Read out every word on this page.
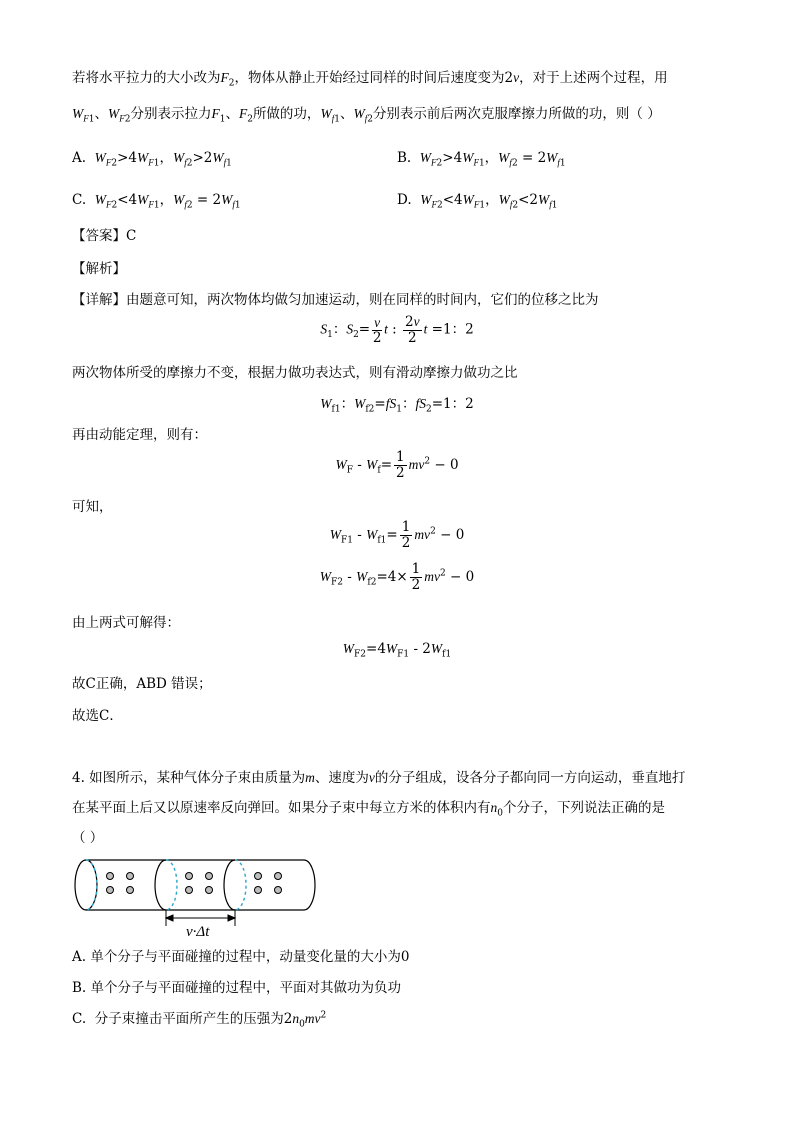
若将水平拉力的大小改为$F_2$，物体从静止开始经过同样的时间后速度变为2v，对于上述两个过程，用
$W_{F1}$、$W_{F2}$分别表示拉力$F_1$、$F_2$所做的功，$W_{f1}$、$W_{f2}$分别表示前后两次克服摩擦力所做的功，则（ ）
A.  $W_{F2}>4W_{F1}$，$W_{f2}>2W_{f1}$	B.  $W_{F2}>4W_{F1}$，$W_{f2} = 2W_{f1}$
C.  $W_{F2}<4W_{F1}$，$W_{f2} = 2W_{f1}$	D.  $W_{F2}<4W_{F1}$，$W_{f2}<2W_{f1}$
【答案】C
【解析】
【详解】由题意可知，两次物体均做匀加速运动，则在同样的时间内，它们的位移之比为
$S_1$：$S_2= \frac{v}{2}$ t : $\frac{2v}{2}$ t =1：2
两次物体所受的摩擦力不变，根据力做功表达式，则有滑动摩擦力做功之比
$W_{f1}$：$W_{f2}=fS_1$：$fS_2=1$：2
再由动能定理，则有：
$W_F - W_f= \frac{1}{2} mv^2 - 0$
可知，
$W_{F1} - W_{f1}= \frac{1}{2} mv^2 - 0$
$W_{F2} - W_{f2}=4\times \frac{1}{2} mv^2 - 0$
由上两式可解得：
$W_{F2}=4W_{F1} - 2W_{f1}$
故C正确，ABD 错误；
故选C．
4. 如图所示，某种气体分子束由质量为m、速度为v的分子组成，设各分子都向同一方向运动，垂直地打
在某平面上后又以原速率反向弹回。如果分子束中每立方米的体积内有$n_0$个分子，下列说法正确的是
（ ）
v·Δt
A. 单个分子与平面碰撞的过程中，动量变化量的大小为0
B. 单个分子与平面碰撞的过程中，平面对其做功为负功
C.  分子束撞击平面所产生的压强为$2n_0mv^2$
